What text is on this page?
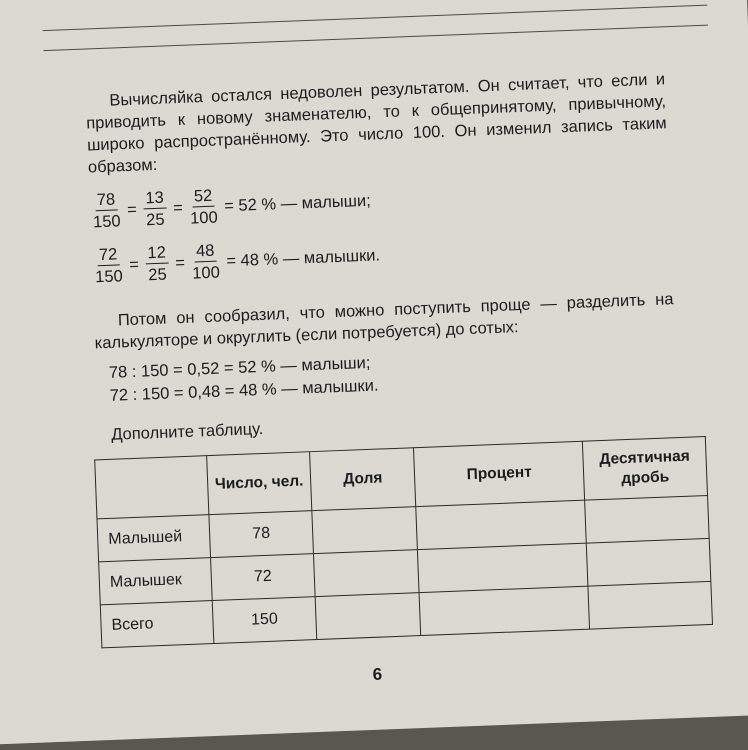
Вычисляйка остался недоволен результатом. Он считает, что если и приводить к новому знаменателю, то к общепринятому, привычному, широко распространённому. Это число 100. Он изменил запись таким образом:

$\frac{78}{150} = \frac{13}{25} = \frac{52}{100} = 52$ % — малыши;
$\frac{72}{150} = \frac{12}{25} = \frac{48}{100} = 48$ % — малышки.

Потом он сообразил, что можно поступить проще — разделить на калькуляторе и округлить (если потребуется) до сотых:

78 : 150 = 0,52 = 52 % — малыши;
72 : 150 = 0,48 = 48 % — малышки.
Дополните таблицу.
	Число, чел.	Доля	Процент	Десятичная дробь
Малышей	78			
Малышек	72			
Всего	150			
6
